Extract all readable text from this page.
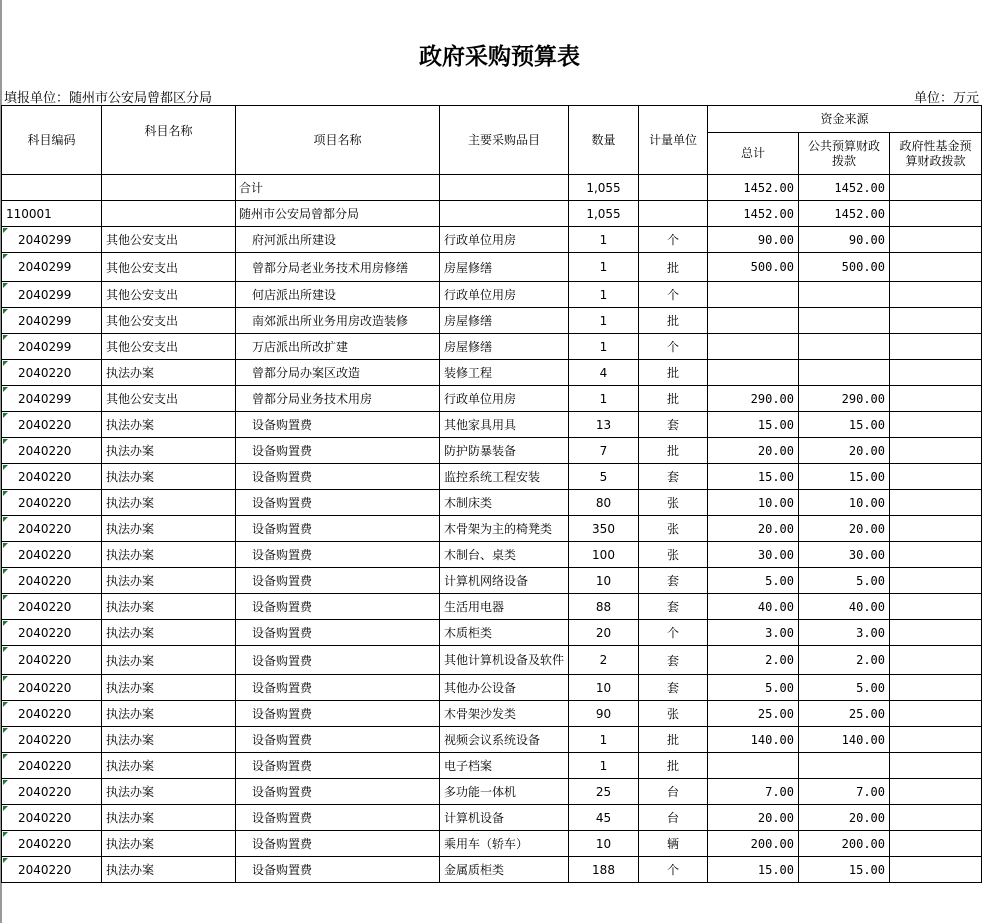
政府采购预算表
填报单位：随州市公安局曾都区分局	单位：万元
科目编码	科目名称	项目名称	主要采购品目	数量	计量单位	资金来源		
						总计	公共预算财政拨款	政府性基金预算财政拨款
		合计		1,055		1452.00	1452.00	
110001		随州市公安局曾都分局		1,055		1452.00	1452.00	

2040299	其他公安支出	府河派出所建设	行政单位用房	1	个	90.00	90.00	

2040299	其他公安支出	曾都分局老业务技术用房修缮	房屋修缮	1	批	500.00	500.00	

2040299	其他公安支出	何店派出所建设	行政单位用房	1	个			

2040299	其他公安支出	南郊派出所业务用房改造装修	房屋修缮	1	批			

2040299	其他公安支出	万店派出所改扩建	房屋修缮	1	个			

2040220	执法办案	曾都分局办案区改造	装修工程	4	批			

2040299	其他公安支出	曾都分局业务技术用房	行政单位用房	1	批	290.00	290.00	

2040220	执法办案	设备购置费	其他家具用具	13	套	15.00	15.00	

2040220	执法办案	设备购置费	防护防暴装备	7	批	20.00	20.00	

2040220	执法办案	设备购置费	监控系统工程安装	5	套	15.00	15.00	

2040220	执法办案	设备购置费	木制床类	80	张	10.00	10.00	

2040220	执法办案	设备购置费	木骨架为主的椅凳类	350	张	20.00	20.00	

2040220	执法办案	设备购置费	木制台、桌类	100	张	30.00	30.00	

2040220	执法办案	设备购置费	计算机网络设备	10	套	5.00	5.00	

2040220	执法办案	设备购置费	生活用电器	88	套	40.00	40.00	

2040220	执法办案	设备购置费	木质柜类	20	个	3.00	3.00	

2040220	执法办案	设备购置费	其他计算机设备及软件	2	套	2.00	2.00	

2040220	执法办案	设备购置费	其他办公设备	10	套	5.00	5.00	

2040220	执法办案	设备购置费	木骨架沙发类	90	张	25.00	25.00	

2040220	执法办案	设备购置费	视频会议系统设备	1	批	140.00	140.00	

2040220	执法办案	设备购置费	电子档案	1	批			

2040220	执法办案	设备购置费	多功能一体机	25	台	7.00	7.00	

2040220	执法办案	设备购置费	计算机设备	45	台	20.00	20.00	

2040220	执法办案	设备购置费	乘用车（轿车）	10	辆	200.00	200.00	

2040220	执法办案	设备购置费	金属质柜类	188	个	15.00	15.00	
